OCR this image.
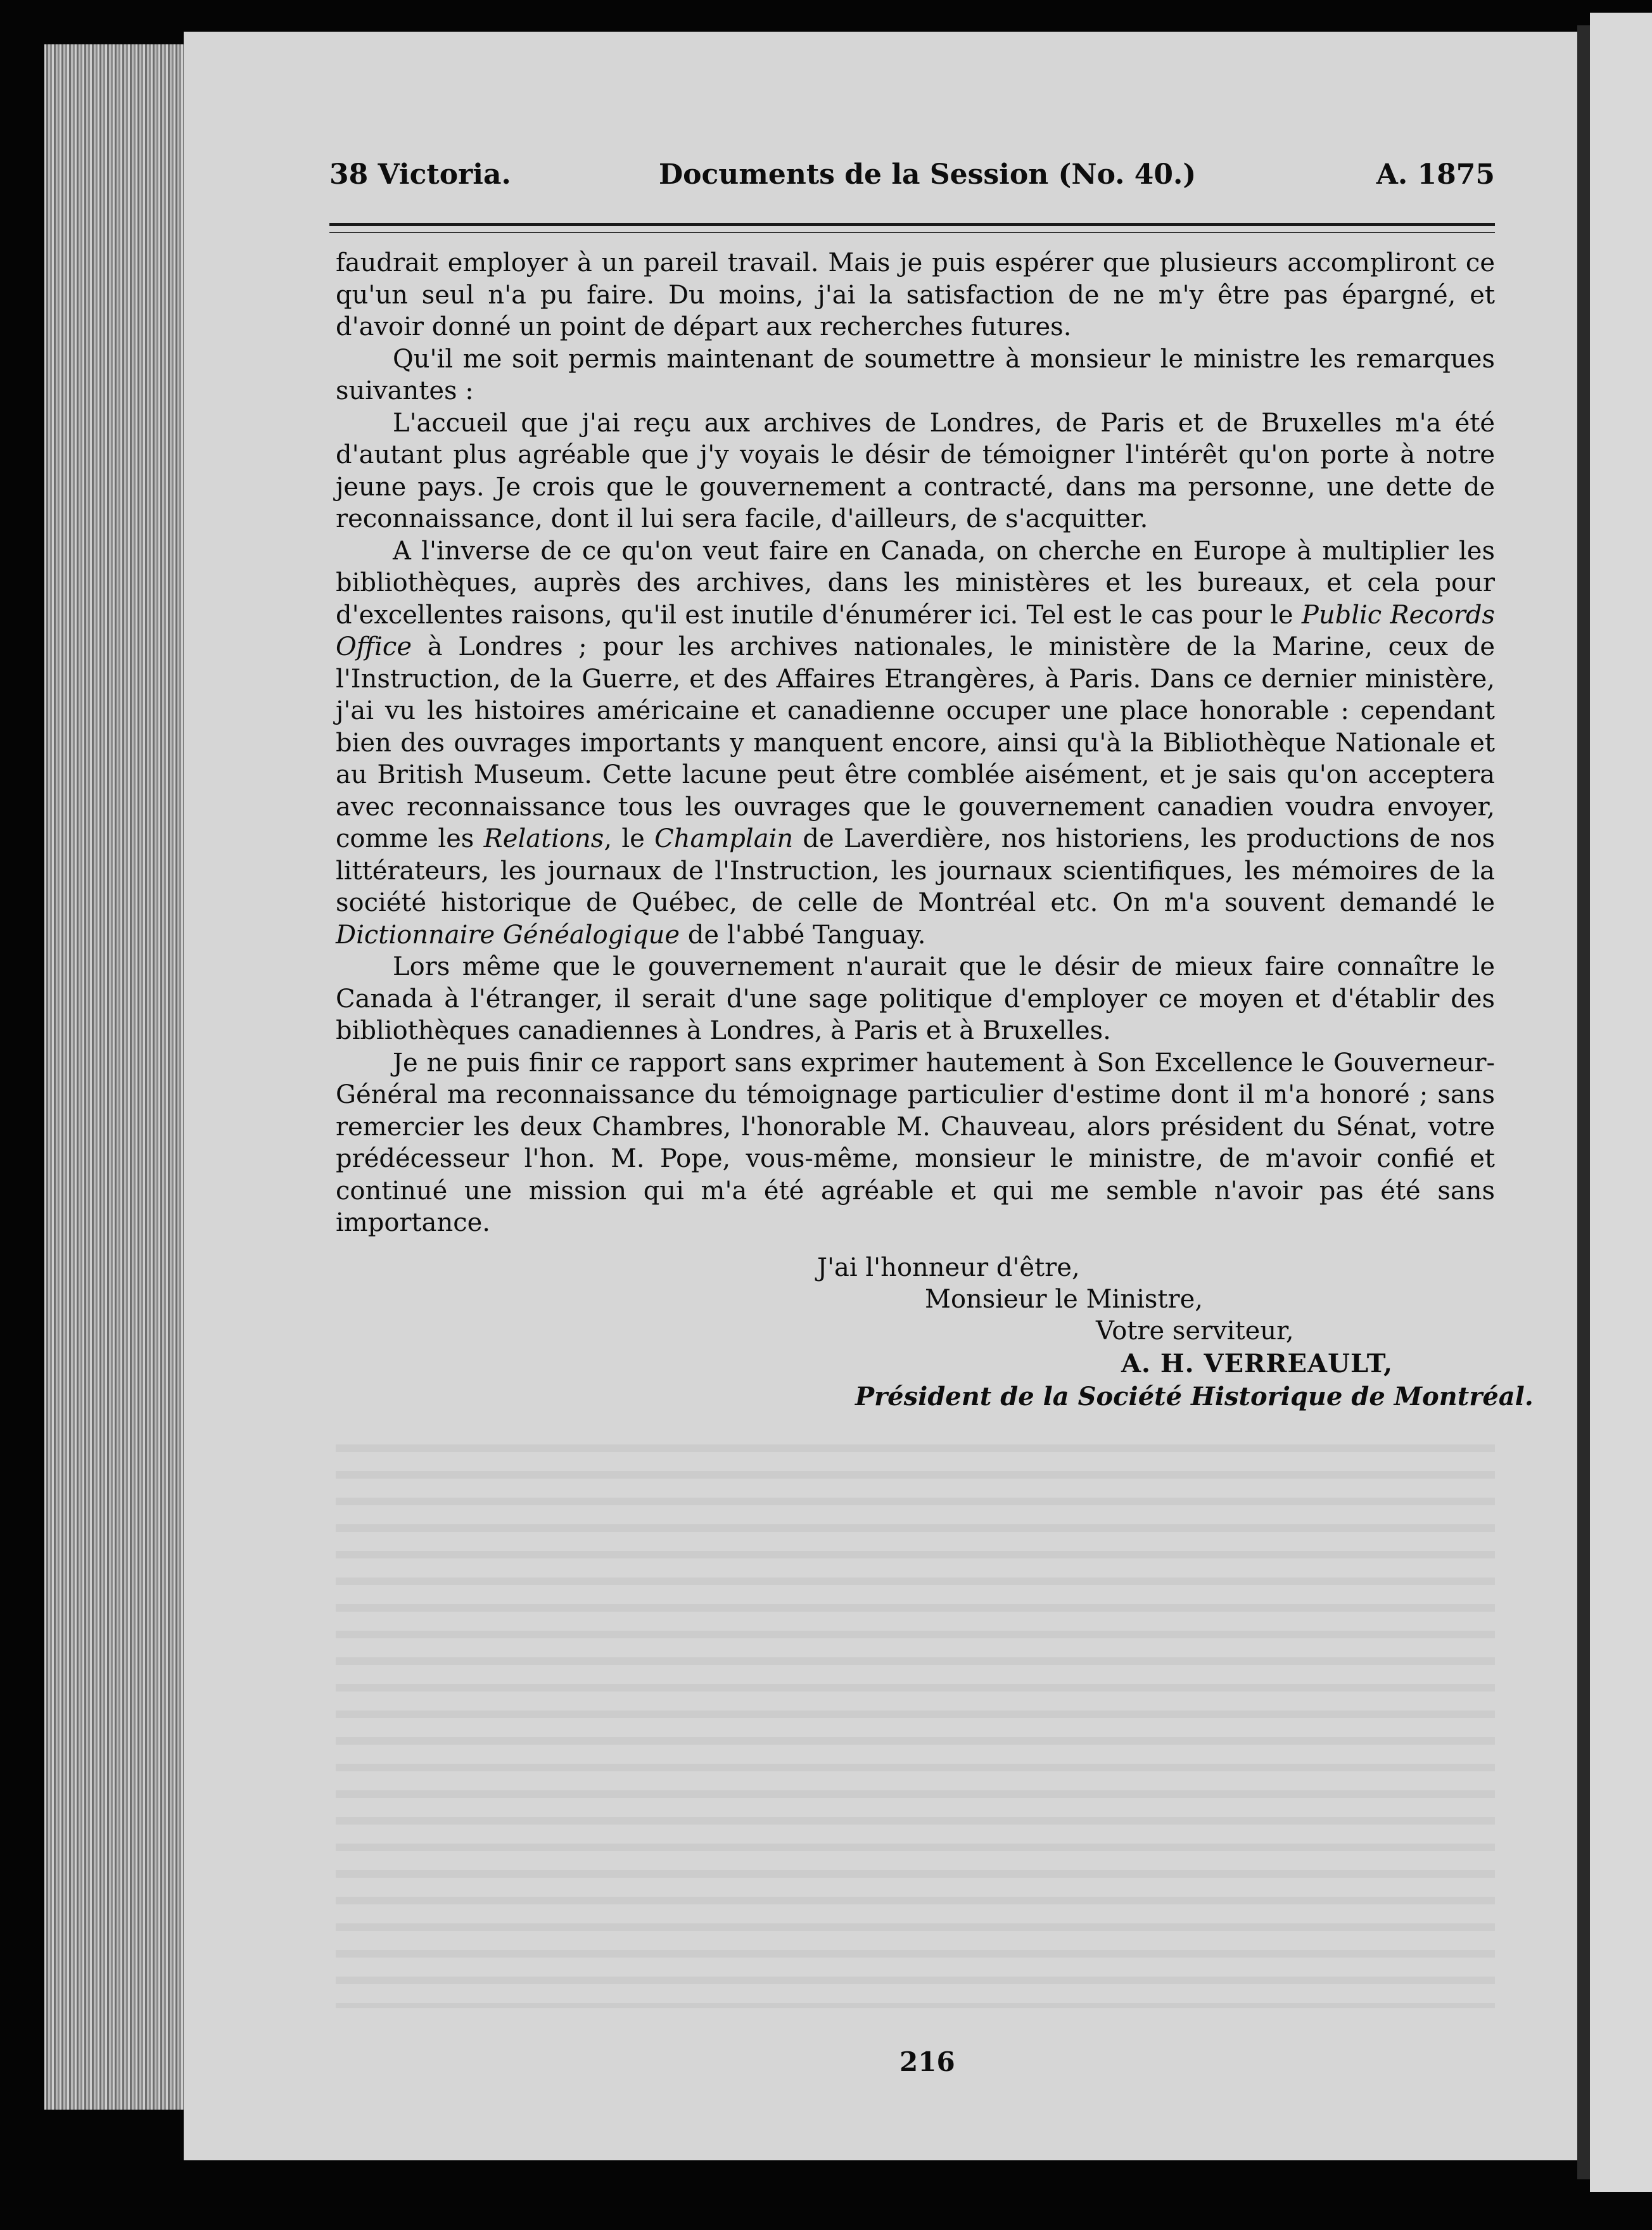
38 Victoria.	Documents de la Session (No. 40.)	A. 1875

faudrait employer à un pareil travail. Mais je puis espérer que plusieurs accompliront ce qu'un seul n'a pu faire. Du moins, j'ai la satisfaction de ne m'y être pas épargné, et d'avoir donné un point de départ aux recherches futures.

Qu'il me soit permis maintenant de soumettre à monsieur le ministre les remarques suivantes :

L'accueil que j'ai reçu aux archives de Londres, de Paris et de Bruxelles m'a été d'autant plus agréable que j'y voyais le désir de témoigner l'intérêt qu'on porte à notre jeune pays. Je crois que le gouvernement a contracté, dans ma personne, une dette de reconnaissance, dont il lui sera facile, d'ailleurs, de s'acquitter.

A l'inverse de ce qu'on veut faire en Canada, on cherche en Europe à multiplier les bibliothèques, auprès des archives, dans les ministères et les bureaux, et cela pour d'excellentes raisons, qu'il est inutile d'énumérer ici. Tel est le cas pour le Public Records Office à Londres ; pour les archives nationales, le ministère de la Marine, ceux de l'Instruction, de la Guerre, et des Affaires Etrangères, à Paris. Dans ce dernier ministère, j'ai vu les histoires américaine et canadienne occuper une place honorable : cependant bien des ouvrages importants y manquent encore, ainsi qu'à la Bibliothèque Nationale et au British Museum. Cette lacune peut être comblée aisément, et je sais qu'on acceptera avec reconnaissance tous les ouvrages que le gouvernement canadien voudra envoyer, comme les Relations, le Champlain de Laverdière, nos historiens, les productions de nos littérateurs, les journaux de l'Instruction, les journaux scientifiques, les mémoires de la société historique de Québec, de celle de Montréal etc. On m'a souvent demandé le Dictionnaire Généalogique de l'abbé Tanguay.

Lors même que le gouvernement n'aurait que le désir de mieux faire connaître le Canada à l'étranger, il serait d'une sage politique d'employer ce moyen et d'établir des bibliothèques canadiennes à Londres, à Paris et à Bruxelles.

Je ne puis finir ce rapport sans exprimer hautement à Son Excellence le Gouverneur-Général ma reconnaissance du témoignage particulier d'estime dont il m'a honoré ; sans remercier les deux Chambres, l'honorable M. Chauveau, alors président du Sénat, votre prédécesseur l'hon. M. Pope, vous-même, monsieur le ministre, de m'avoir confié et continué une mission qui m'a été agréable et qui me semble n'avoir pas été sans importance.

J'ai l'honneur d'être,
Monsieur le Ministre,
Votre serviteur,
A. H. VERREAULT,
Président de la Société Historique de Montréal.
216
